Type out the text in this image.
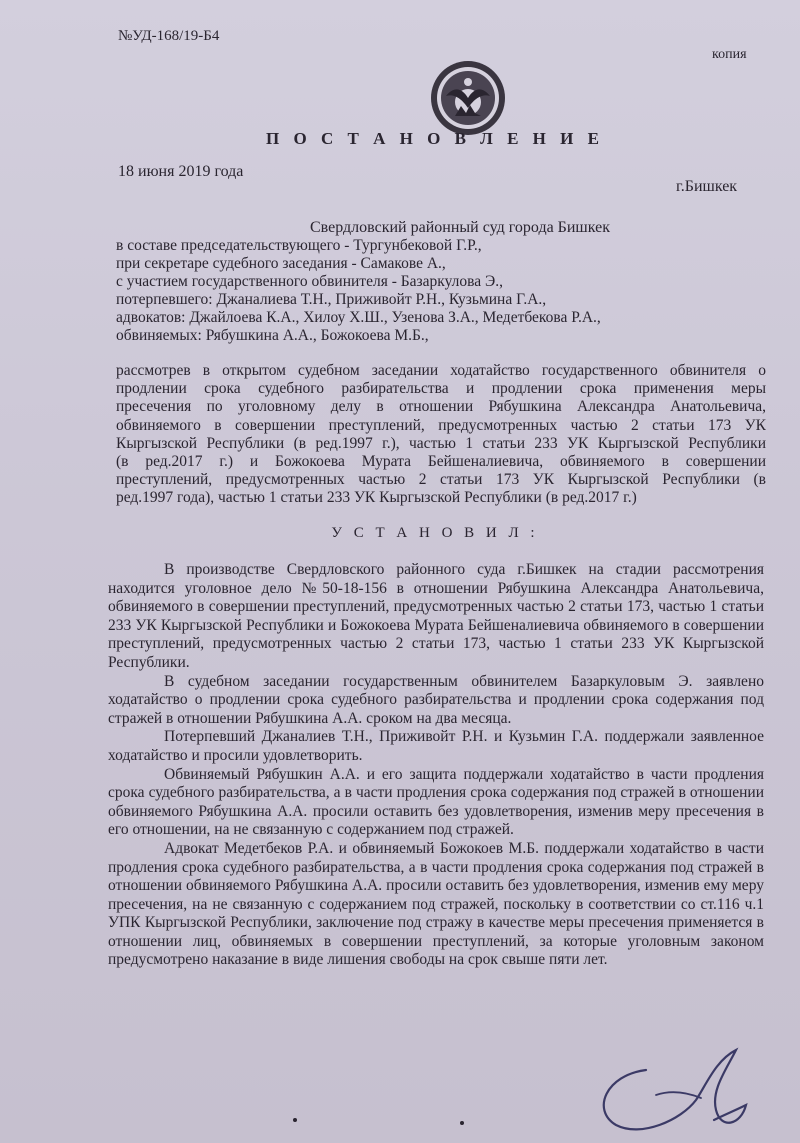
№УД-168/19-Б4
копия
П О С Т А Н О В Л Е Н И Е
18 июня 2019 года
г.Бишкек
Свердловский районный суд города Бишкек
в составе председательствующего - Тургунбековой Г.Р.,
при секретаре судебного заседания - Самакове А.,
с участием государственного обвинителя - Базаркулова Э.,
потерпевшего: Джаналиева Т.Н., Приживойт Р.Н., Кузьмина Г.А.,
адвокатов: Джайлоева К.А., Хилоу Х.Ш., Узенова З.А., Медетбекова Р.А.,
обвиняемых: Рябушкина А.А., Божокоева М.Б.,

рассмотрев в открытом судебном заседании ходатайство государственного обвинителя о

продлении срока судебного разбирательства и продлении срока применения меры

пресечения по уголовному делу в отношении Рябушкина Александра Анатольевича,

обвиняемого в совершении преступлений, предусмотренных частью 2 статьи 173 УК

Кыргызской Республики (в ред.1997 г.), частью 1 статьи 233 УК Кыргызской Республики

(в ред.2017 г.) и Божокоева Мурата Бейшеналиевича, обвиняемого в совершении

преступлений, предусмотренных частью 2 статьи 173 УК Кыргызской Республики (в

ред.1997 года), частью 1 статьи 233 УК Кыргызской Республики (в ред.2017 г.)

У С Т А Н О В И Л :

В производстве Свердловского районного суда г.Бишкек на стадии рассмотрения находится уголовное дело №50-18-156 в отношении Рябушкина Александра Анатольевича, обвиняемого в совершении преступлений, предусмотренных частью 2 статьи 173, частью 1 статьи 233 УК Кыргызской Республики и Божокоева Мурата Бейшеналиевича обвиняемого в совершении преступлений, предусмотренных частью 2 статьи 173, частью 1 статьи 233 УК Кыргызской Республики.

В судебном заседании государственным обвинителем Базаркуловым Э. заявлено ходатайство о продлении срока судебного разбирательства и продлении срока содержания под стражей в отношении Рябушкина А.А. сроком на два месяца.

Потерпевший Джаналиев Т.Н., Приживойт Р.Н. и Кузьмин Г.А. поддержали заявленное ходатайство и просили удовлетворить.

Обвиняемый Рябушкин А.А. и его защита поддержали ходатайство в части продления срока судебного разбирательства, а в части продления срока содержания под стражей в отношении обвиняемого Рябушкина А.А. просили оставить без удовлетворения, изменив меру пресечения в его отношении, на не связанную с содержанием под стражей.

Адвокат Медетбеков Р.А. и обвиняемый Божокоев М.Б. поддержали ходатайство в части продления срока судебного разбирательства, а в части продления срока содержания под стражей в отношении обвиняемого Рябушкина А.А. просили оставить без удовлетворения, изменив ему меру пресечения, на не связанную с содержанием под стражей, поскольку в соответствии со ст.116 ч.1 УПК Кыргызской Республики, заключение под стражу в качестве меры пресечения применяется в отношении лиц, обвиняемых в совершении преступлений, за которые уголовным законом предусмотрено наказание в виде лишения свободы на срок свыше пяти лет.
